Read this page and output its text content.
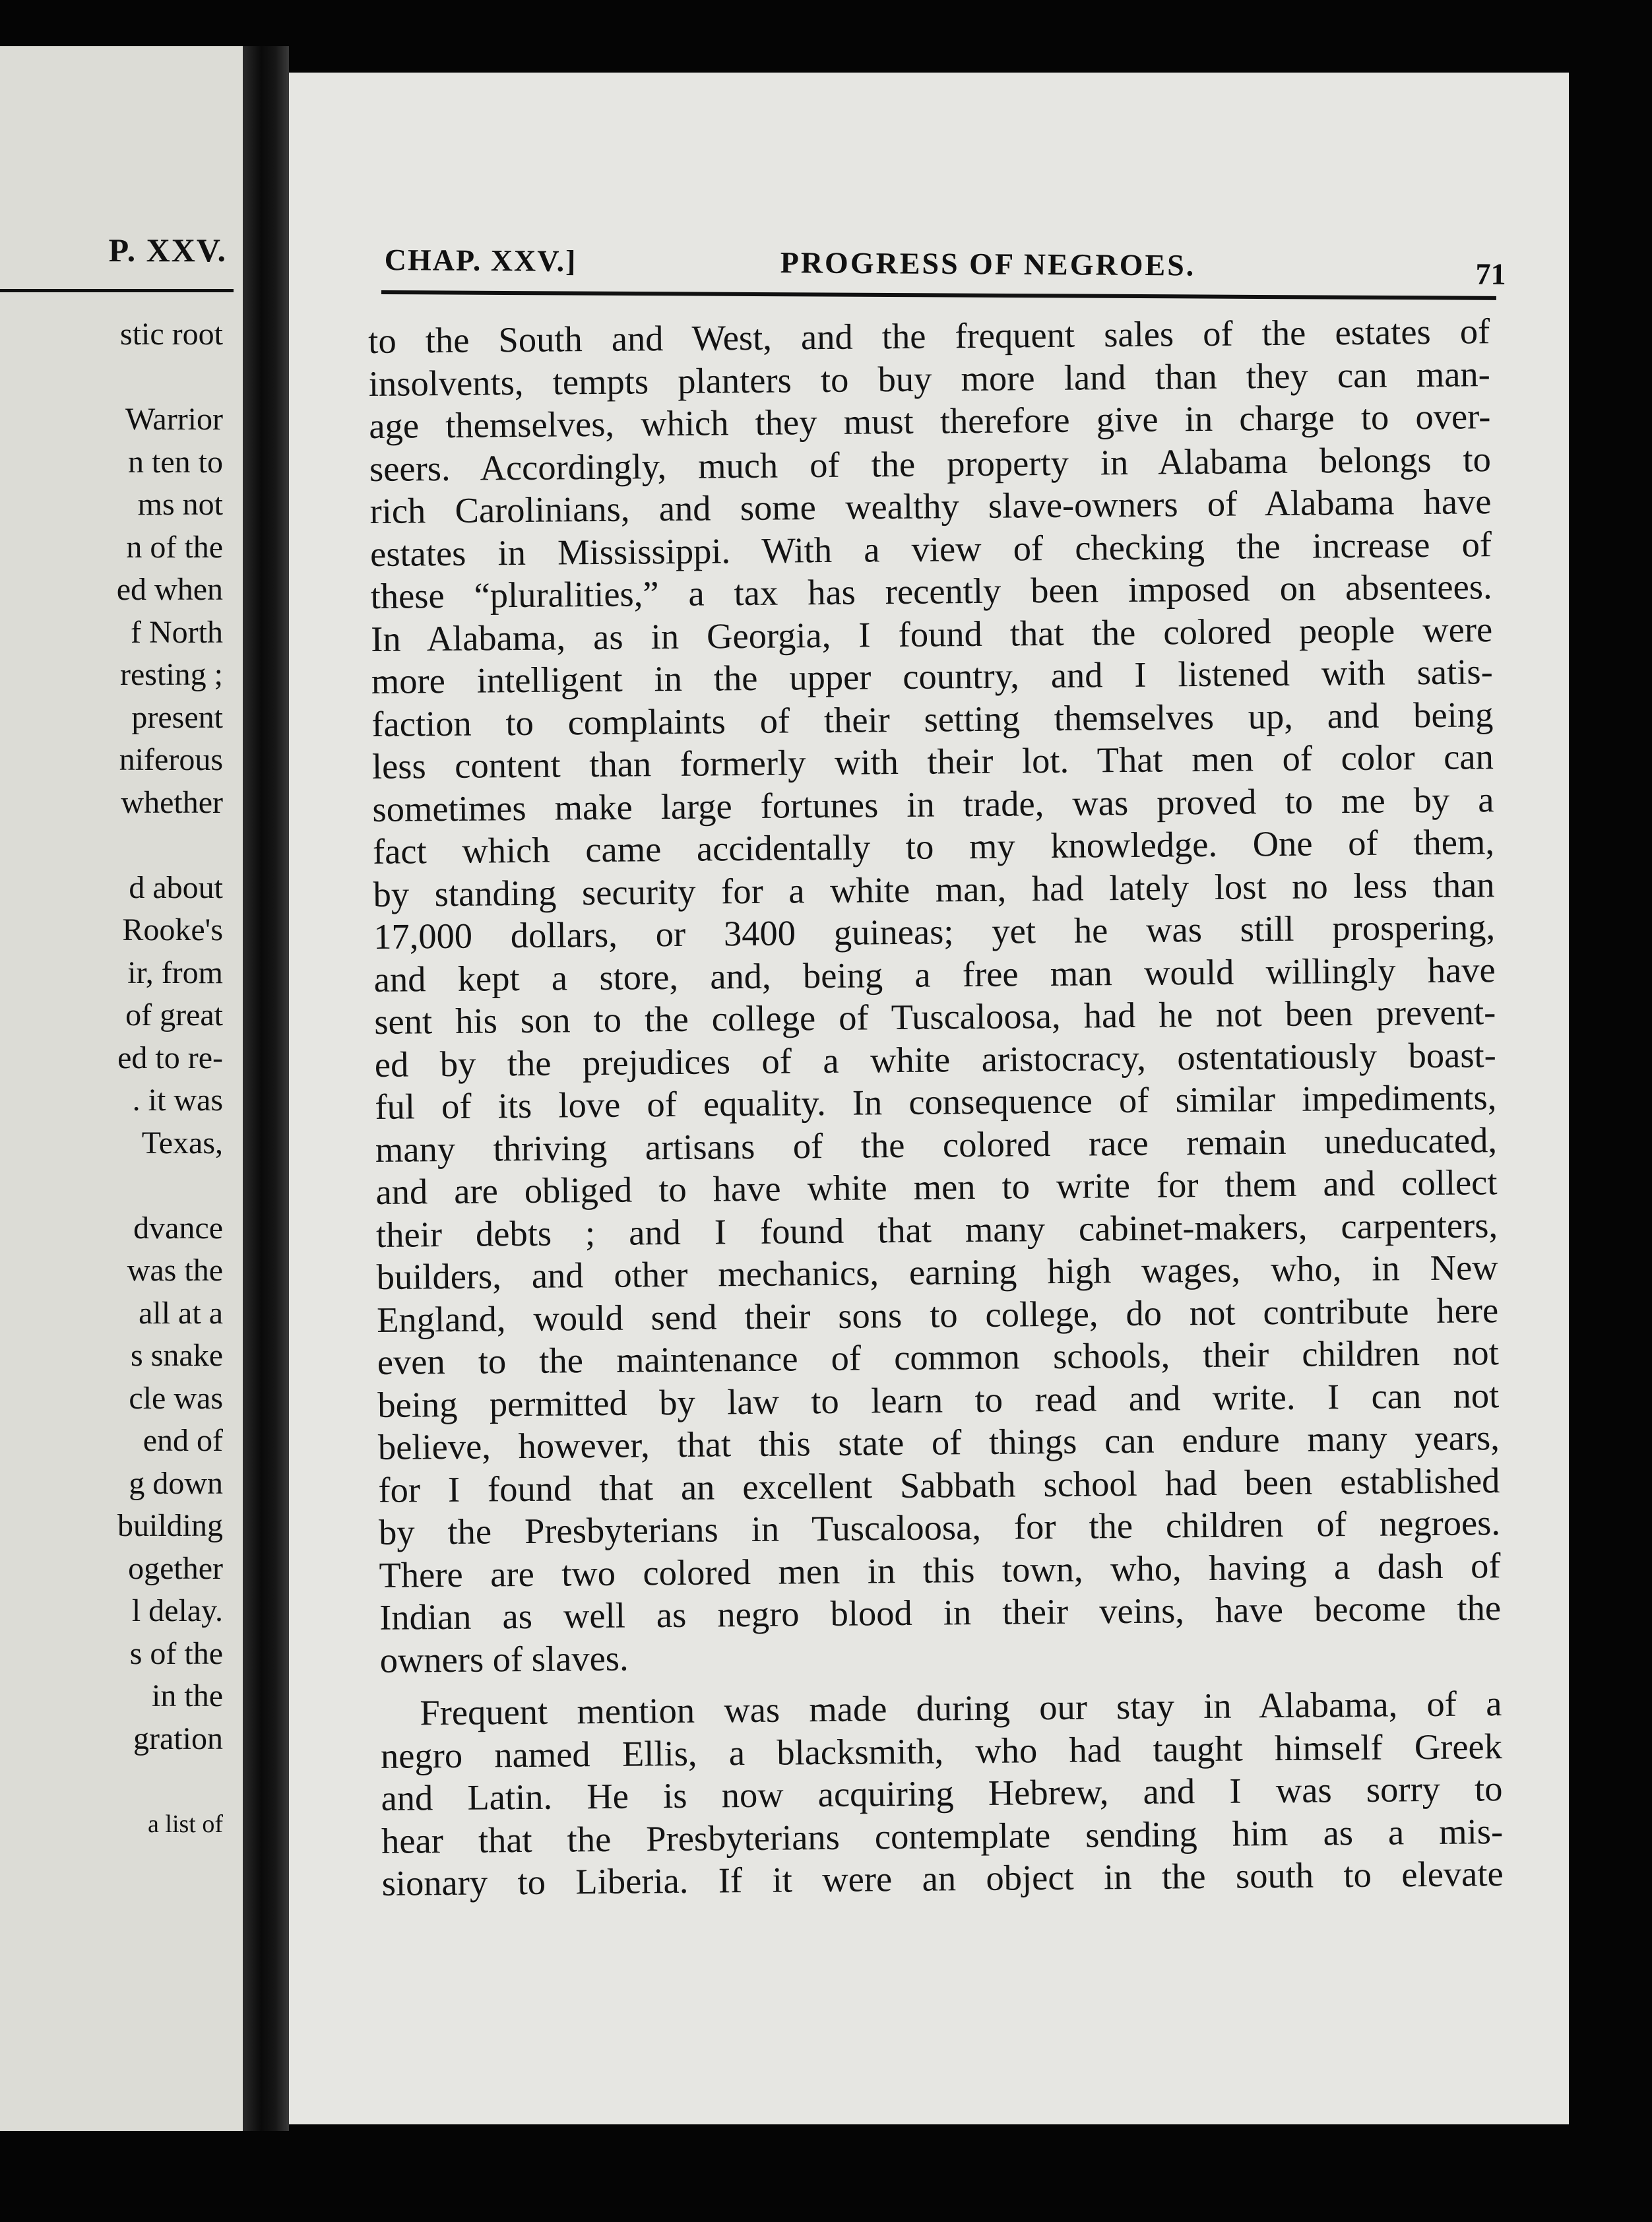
P. XXV.
stic root
Warrior
n ten to
ms not
n of the
ed when
f North
resting ;
present
niferous
whether
d about
Rooke's
ir, from
of great
ed to re-
. it was
Texas,
dvance
was the
all at a
s snake
cle was
end of
g down
building
ogether
l delay.
s of the
in the
gration
a list of
CHAP. XXV.]	PROGRESS OF NEGROES.	71
to the South and West, and the frequent sales of the estates of
insolvents, tempts planters to buy more land than they can man-
age themselves, which they must therefore give in charge to over-
seers. Accordingly, much of the property in Alabama belongs to
rich Carolinians, and some wealthy slave-owners of Alabama have
estates in Mississippi. With a view of checking the increase of
these “pluralities,” a tax has recently been imposed on absentees.
In Alabama, as in Georgia, I found that the colored people were
more intelligent in the upper country, and I listened with satis-
faction to complaints of their setting themselves up, and being
less content than formerly with their lot. That men of color can
sometimes make large fortunes in trade, was proved to me by a
fact which came accidentally to my knowledge. One of them,
by standing security for a white man, had lately lost no less than
17,000 dollars, or 3400 guineas; yet he was still prospering,
and kept a store, and, being a free man would willingly have
sent his son to the college of Tuscaloosa, had he not been prevent-
ed by the prejudices of a white aristocracy, ostentatiously boast-
ful of its love of equality. In consequence of similar impediments,
many thriving artisans of the colored race remain uneducated,
and are obliged to have white men to write for them and collect
their debts ; and I found that many cabinet-makers, carpenters,
builders, and other mechanics, earning high wages, who, in New
England, would send their sons to college, do not contribute here
even to the maintenance of common schools, their children not
being permitted by law to learn to read and write. I can not
believe, however, that this state of things can endure many years,
for I found that an excellent Sabbath school had been established
by the Presbyterians in Tuscaloosa, for the children of negroes.
There are two colored men in this town, who, having a dash of
Indian as well as negro blood in their veins, have become the
owners of slaves.
Frequent mention was made during our stay in Alabama, of a
negro named Ellis, a blacksmith, who had taught himself Greek
and Latin. He is now acquiring Hebrew, and I was sorry to
hear that the Presbyterians contemplate sending him as a mis-
sionary to Liberia. If it were an object in the south to elevate
